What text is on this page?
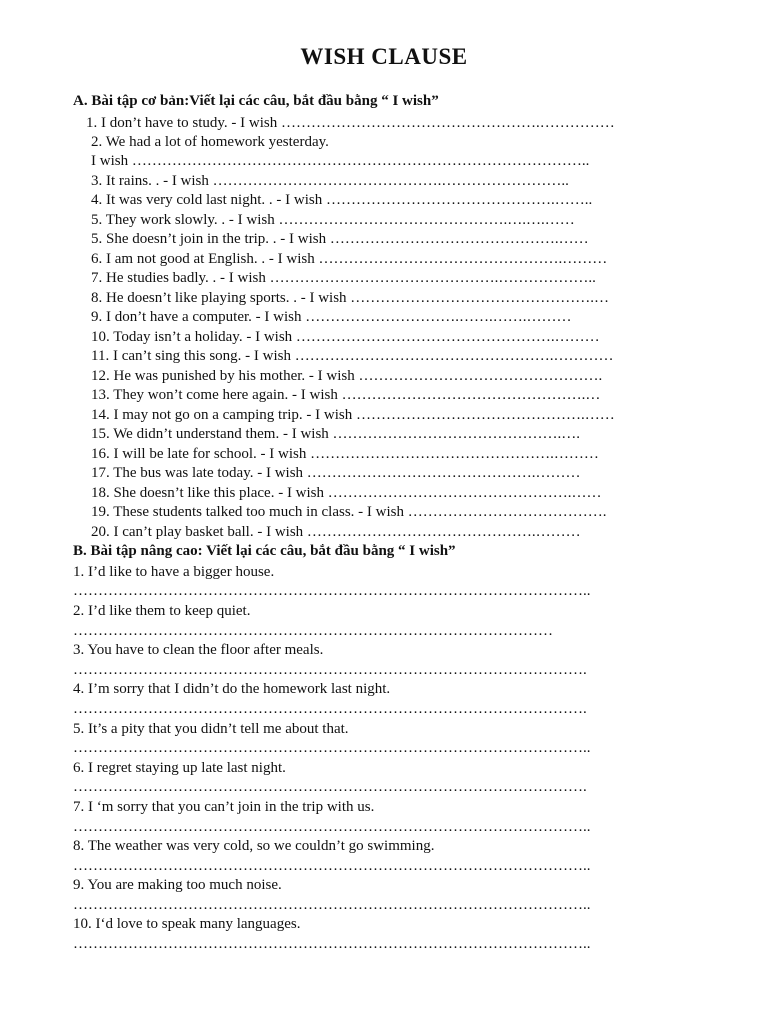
WISH CLAUSE
A. Bài tập cơ bản:Viết lại các câu, bắt đầu bằng “ I wish”
1. I don’t have to study. - I wish …………………………………………….……………
2. We had a lot of homework yesterday.
I wish ………………………………………………………………………………..
3. It rains. . - I wish ……………………………………….……………………..
4. It was very cold last night. . - I wish ……………………………………….……..
5. They work slowly. . - I wish ……………………………………….….….……
5. She doesn’t join in the trip. . - I wish ……………………………………….……
6. I am not good at English. . - I wish ………………………………………….………
7. He studies badly. . - I wish ……………………………………….………………..
8. He doesn’t like playing sports. . - I wish ………………………………………….…
9. I don’t have a computer. - I wish ………………………….…….…….………
10. Today isn’t a holiday. - I wish …………………………………………….………
11. I can’t sing this song. - I wish …………………………………………….…………
12. He was punished by his mother. - I wish ………………………………………….
13. They won’t come here again. - I wish ………………………………………….…
14. I may not go on a camping trip. - I wish ……………………………………….……
15. We didn’t understand them. - I wish ……………………………………….….
16. I will be late for school. - I wish ………………………………………….………
17. The bus was late today. - I wish ……………………………………….………
18. She doesn’t like this place. - I wish ………………………………………….……
19. These students talked too much in class. - I wish ………………………………….
20. I can’t play basket ball. - I wish ……………………………………….………
B. Bài tập nâng cao: Viết lại các câu, bắt đầu bằng “ I wish”
1. I’d like to have a bigger house.
…………………………………………………………………………………………..
2. I’d like them to keep quiet.
……………………………………………………………………………………
3. You have to clean the floor after meals.
………………………………………………………………………………………….
4. I’m sorry that I didn’t do the homework last night.
………………………………………………………………………………………….
5. It’s a pity that you didn’t tell me about that.
…………………………………………………………………………………………..
6. I regret staying up late last night.
………………………………………………………………………………………….
7. I ‘m sorry that you can’t join in the trip with us.
…………………………………………………………………………………………..
8. The weather was very cold, so we couldn’t go swimming.
…………………………………………………………………………………………..
9. You are making too much noise.
…………………………………………………………………………………………..
10. I‘d love to speak many languages.
…………………………………………………………………………………………..
